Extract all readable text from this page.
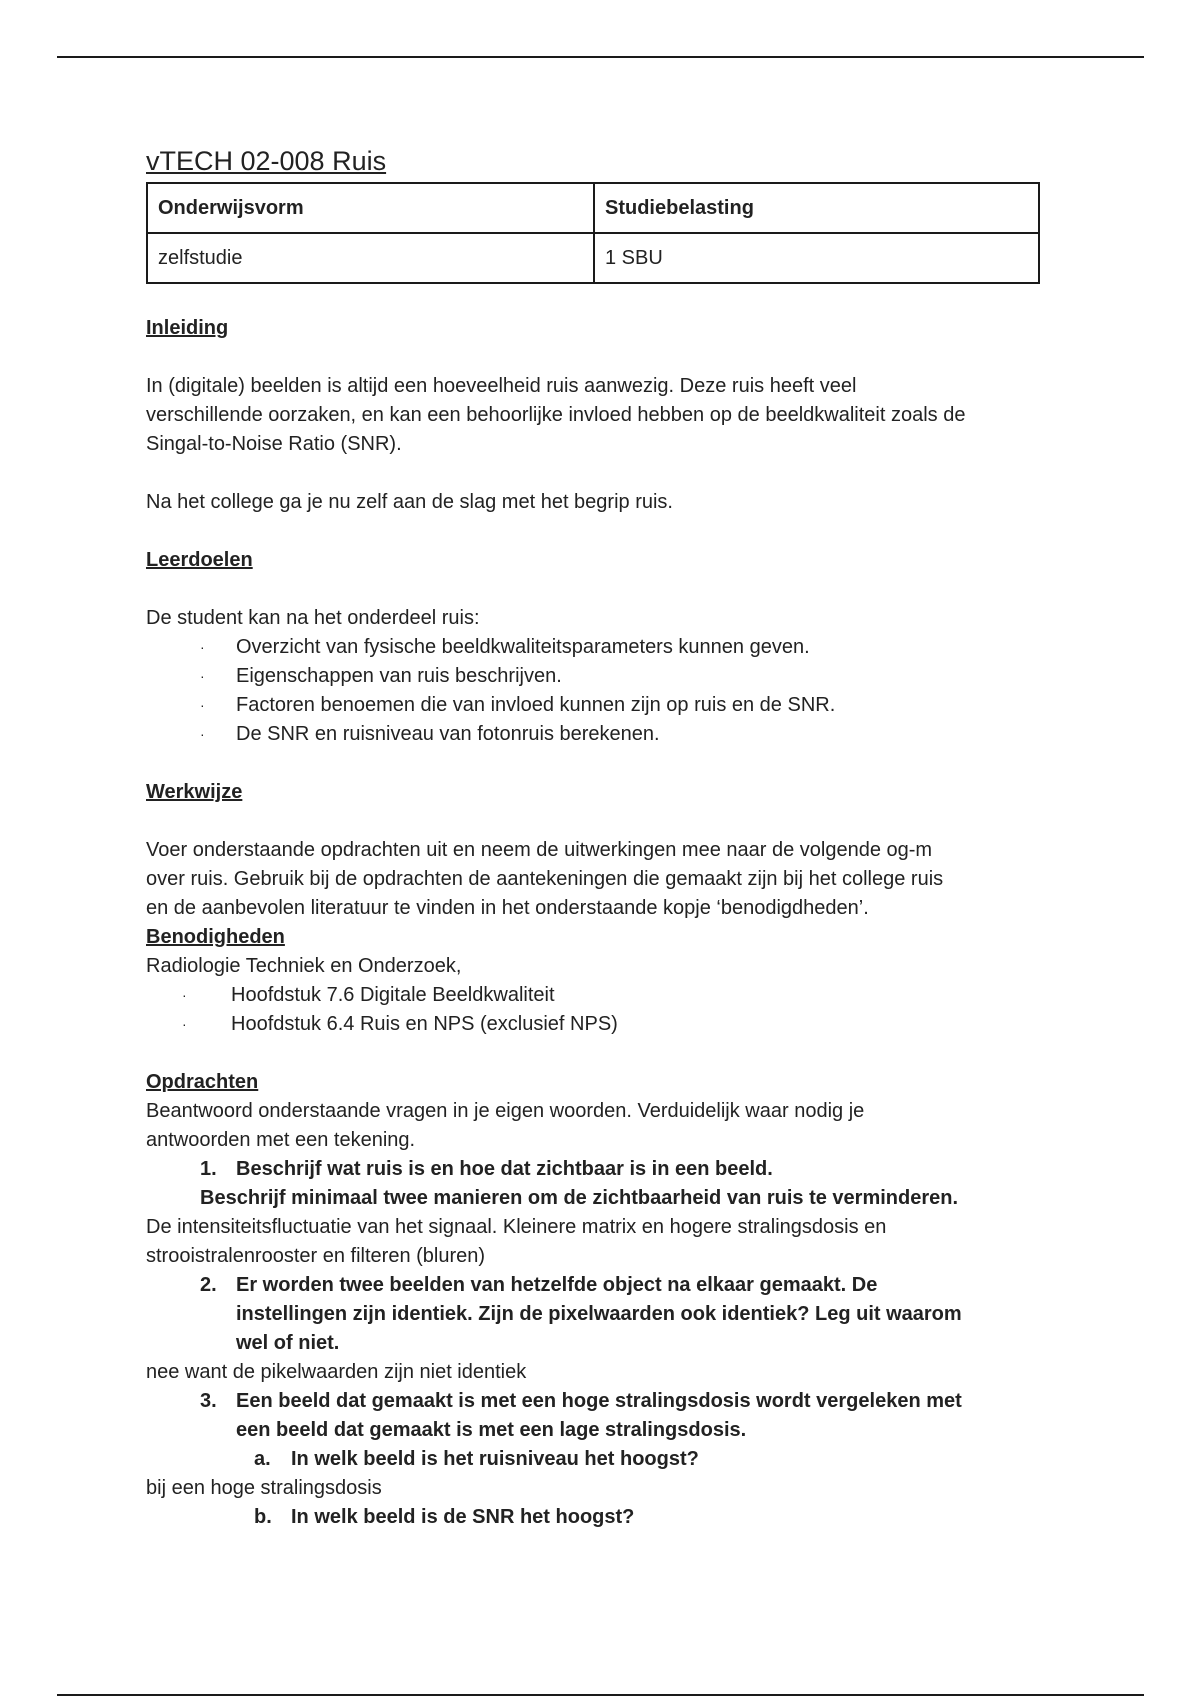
vTECH 02-008 Ruis
Onderwijsvorm	Studiebelasting
zelfstudie	1 SBU

Inleiding

In (digitale) beelden is altijd een hoeveelheid ruis aanwezig. Deze ruis heeft veel

verschillende oorzaken, en kan een behoorlijke invloed hebben op de beeldkwaliteit zoals de

Singal-to-Noise Ratio (SNR).

Na het college ga je nu zelf aan de slag met het begrip ruis.

Leerdoelen

De student kan na het onderdeel ruis:

· Overzicht van fysische beeldkwaliteitsparameters kunnen geven.
· Eigenschappen van ruis beschrijven.
· Factoren benoemen die van invloed kunnen zijn op ruis en de SNR.
· De SNR en ruisniveau van fotonruis berekenen.

Werkwijze

Voer onderstaande opdrachten uit en neem de uitwerkingen mee naar de volgende og-m

over ruis. Gebruik bij de opdrachten de aantekeningen die gemaakt zijn bij het college ruis

en de aanbevolen literatuur te vinden in het onderstaande kopje ‘benodigdheden’.

Benodigheden

Radiologie Techniek en Onderzoek,

· Hoofdstuk 7.6 Digitale Beeldkwaliteit
· Hoofdstuk 6.4 Ruis en NPS (exclusief NPS)

Opdrachten

Beantwoord onderstaande vragen in je eigen woorden. Verduidelijk waar nodig je

antwoorden met een tekening.

1. Beschrijf wat ruis is en hoe dat zichtbaar is in een beeld.

Beschrijf minimaal twee manieren om de zichtbaarheid van ruis te verminderen.

De intensiteitsfluctuatie van het signaal. Kleinere matrix en hogere stralingsdosis en

strooistralenrooster en filteren (bluren)

2. Er worden twee beelden van hetzelfde object na elkaar gemaakt. De
instellingen zijn identiek. Zijn de pixelwaarden ook identiek? Leg uit waarom
wel of niet.

nee want de pikelwaarden zijn niet identiek

3. Een beeld dat gemaakt is met een hoge stralingsdosis wordt vergeleken met
een beeld dat gemaakt is met een lage stralingsdosis.
a. In welk beeld is het ruisniveau het hoogst?

bij een hoge stralingsdosis

b. In welk beeld is de SNR het hoogst?
